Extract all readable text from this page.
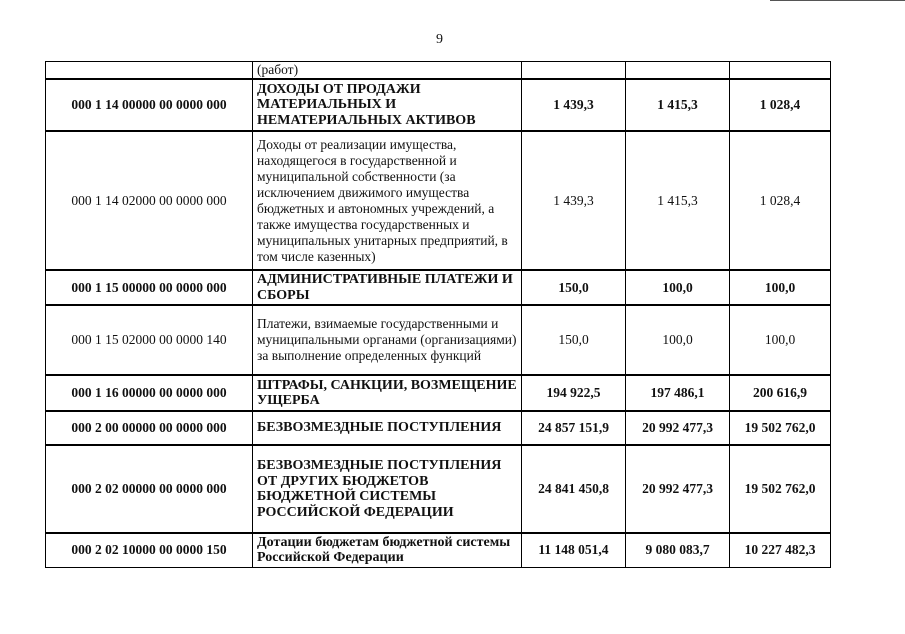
9
	(работ)			
000 1 14 00000 00 0000 000	ДОХОДЫ ОТ ПРОДАЖИ МАТЕРИАЛЬНЫХ И НЕМАТЕРИАЛЬНЫХ АКТИВОВ	1 439,3	1 415,3	1 028,4
000 1 14 02000 00 0000 000	Доходы от реализации имущества, находящегося в государственной и муниципальной собственности (за исключением движимого имущества бюджетных и автономных учреждений, а также имущества государственных и муниципальных унитарных предприятий, в том числе казенных)	1 439,3	1 415,3	1 028,4
000 1 15 00000 00 0000 000	АДМИНИСТРАТИВНЫЕ ПЛАТЕЖИ И СБОРЫ	150,0	100,0	100,0
000 1 15 02000 00 0000 140	Платежи, взимаемые государственными и муниципальными органами (организациями) за выполнение определенных функций	150,0	100,0	100,0
000 1 16 00000 00 0000 000	ШТРАФЫ, САНКЦИИ, ВОЗМЕЩЕНИЕ УЩЕРБА	194 922,5	197 486,1	200 616,9
000 2 00 00000 00 0000 000	БЕЗВОЗМЕЗДНЫЕ ПОСТУПЛЕНИЯ	24 857 151,9	20 992 477,3	19 502 762,0
000 2 02 00000 00 0000 000	БЕЗВОЗМЕЗДНЫЕ ПОСТУПЛЕНИЯ ОТ ДРУГИХ БЮДЖЕТОВ БЮДЖЕТНОЙ СИСТЕМЫ РОССИЙСКОЙ ФЕДЕРАЦИИ	24 841 450,8	20 992 477,3	19 502 762,0
000 2 02 10000 00 0000 150	Дотации бюджетам бюджетной системы Российской Федерации	11 148 051,4	9 080 083,7	10 227 482,3
